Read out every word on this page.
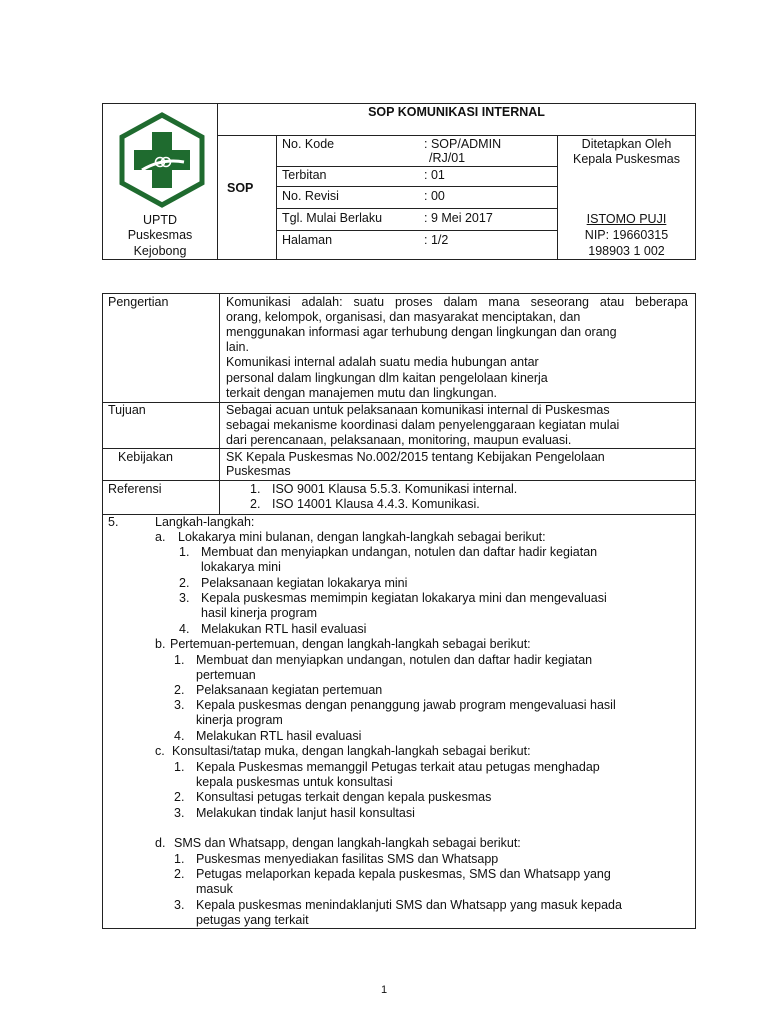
UPTD
Puskesmas
Kejobong
SOP KOMUNIKASI INTERNAL
SOP
No. Kode	: SOP/ADMIN
/RJ/01
Terbitan	: 01
No. Revisi	: 00
Tgl. Mulai Berlaku	: 9 Mei 2017
Halaman	: 1/2
Ditetapkan Oleh
Kepala Puskesmas
ISTOMO PUJI
NIP: 19660315
198903 1 002
Pengertian	Komunikasi adalah: suatu proses dalam mana seseorang atau beberapa
orang, kelompok, organisasi, dan masyarakat menciptakan, dan
menggunakan informasi agar terhubung dengan lingkungan dan orang
lain.
Komunikasi internal adalah suatu media hubungan antar
personal dalam lingkungan dlm kaitan pengelolaan kinerja
terkait dengan manajemen mutu dan lingkungan.
Tujuan	Sebagai acuan untuk pelaksanaan komunikasi internal di Puskesmas
sebagai mekanisme koordinasi dalam penyelenggaraan kegiatan mulai
dari perencanaan, pelaksanaan, monitoring, maupun evaluasi.
Kebijakan	SK Kepala Puskesmas No.002/2015 tentang Kebijakan Pengelolaan
Puskesmas
Referensi	1. ISO 9001 Klausa 5.5.3. Komunikasi internal.
2. ISO 14001 Klausa 4.4.3. Komunikasi.
5.	Langkah-langkah:
a. Lokakarya mini bulanan, dengan langkah-langkah sebagai berikut:
1. Membuat dan menyiapkan undangan, notulen dan daftar hadir kegiatan
lokakarya mini
2. Pelaksanaan kegiatan lokakarya mini
3. Kepala puskesmas memimpin kegiatan lokakarya mini dan mengevaluasi
hasil kinerja program
4. Melakukan RTL hasil evaluasi
b. Pertemuan-pertemuan, dengan langkah-langkah sebagai berikut:
1. Membuat dan menyiapkan undangan, notulen dan daftar hadir kegiatan
pertemuan
2. Pelaksanaan kegiatan pertemuan
3. Kepala puskesmas dengan penanggung jawab program mengevaluasi hasil
kinerja program
4. Melakukan RTL hasil evaluasi
c. Konsultasi/tatap muka, dengan langkah-langkah sebagai berikut:
1. Kepala Puskesmas memanggil Petugas terkait atau petugas menghadap
kepala puskesmas untuk konsultasi
2. Konsultasi petugas terkait dengan kepala puskesmas
3. Melakukan tindak lanjut hasil konsultasi
d. SMS dan Whatsapp, dengan langkah-langkah sebagai berikut:
1. Puskesmas menyediakan fasilitas SMS dan Whatsapp
2. Petugas melaporkan kepada kepala puskesmas, SMS dan Whatsapp yang
masuk
3. Kepala puskesmas menindaklanjuti SMS dan Whatsapp yang masuk kepada
petugas yang terkait
1
